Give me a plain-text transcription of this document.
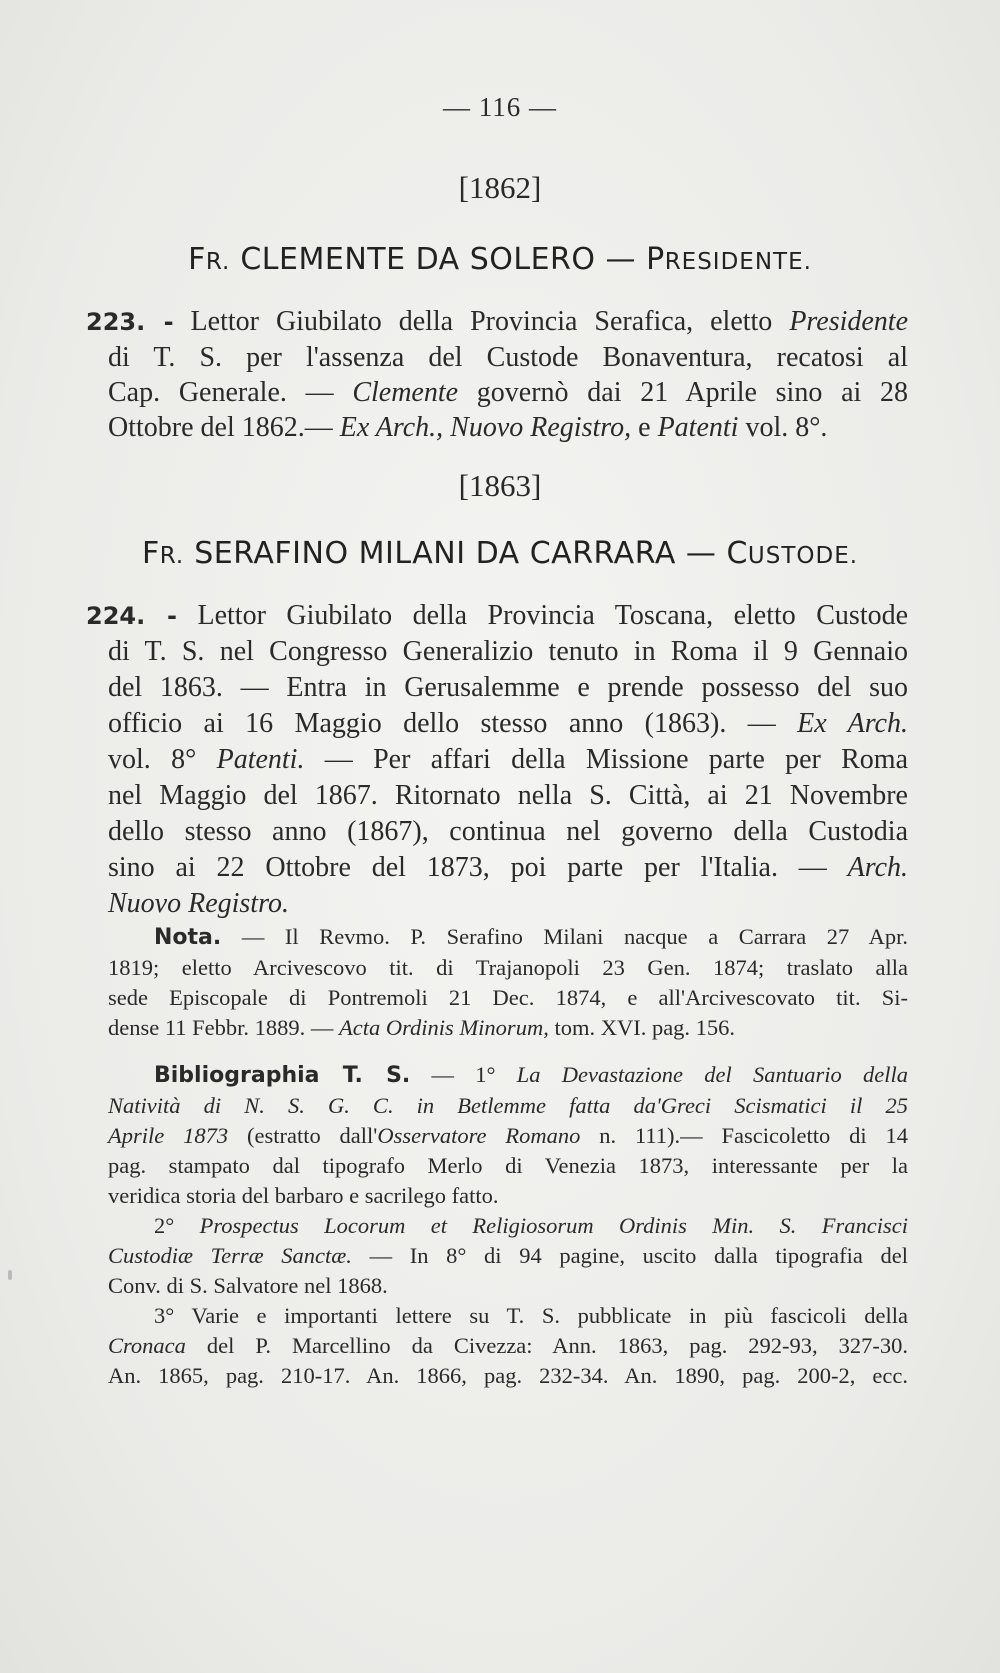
— 116 —
[1862]
FR. CLEMENTE DA SOLERO — PRESIDENTE.
223. - Lettor Giubilato della Provincia Serafica, eletto Presidente
di T. S. per l'assenza del Custode Bonaventura, recatosi al
Cap. Generale. — Clemente governò dai 21 Aprile sino ai 28
Ottobre del 1862.— Ex Arch., Nuovo Registro, e Patenti vol. 8°.
[1863]
FR. SERAFINO MILANI DA CARRARA — CUSTODE.
224. - Lettor Giubilato della Provincia Toscana, eletto Custode
di T. S. nel Congresso Generalizio tenuto in Roma il 9 Gennaio
del 1863. — Entra in Gerusalemme e prende possesso del suo
officio ai 16 Maggio dello stesso anno (1863). — Ex Arch.
vol. 8° Patenti. — Per affari della Missione parte per Roma
nel Maggio del 1867. Ritornato nella S. Città, ai 21 Novembre
dello stesso anno (1867), continua nel governo della Custodia
sino ai 22 Ottobre del 1873, poi parte per l'Italia. — Arch.
Nuovo Registro.
Nota. — Il Revmo. P. Serafino Milani nacque a Carrara 27 Apr.
1819; eletto Arcivescovo tit. di Trajanopoli 23 Gen. 1874; traslato alla
sede Episcopale di Pontremoli 21 Dec. 1874, e all'Arcivescovato tit. Si-
dense 11 Febbr. 1889. — Acta Ordinis Minorum, tom. XVI. pag. 156.
Bibliographia T. S. — 1° La Devastazione del Santuario della
Natività di N. S. G. C. in Betlemme fatta da'Greci Scismatici il 25
Aprile 1873 (estratto dall'Osservatore Romano n. 111).— Fascicoletto di 14
pag. stampato dal tipografo Merlo di Venezia 1873, interessante per la
veridica storia del barbaro e sacrilego fatto.
2° Prospectus Locorum et Religiosorum Ordinis Min. S. Francisci
Custodiæ Terræ Sanctæ. — In 8° di 94 pagine, uscito dalla tipografia del
Conv. di S. Salvatore nel 1868.
3° Varie e importanti lettere su T. S. pubblicate in più fascicoli della
Cronaca del P. Marcellino da Civezza: Ann. 1863, pag. 292-93, 327-30.
An. 1865, pag. 210-17. An. 1866, pag. 232-34. An. 1890, pag. 200-2, ecc.
